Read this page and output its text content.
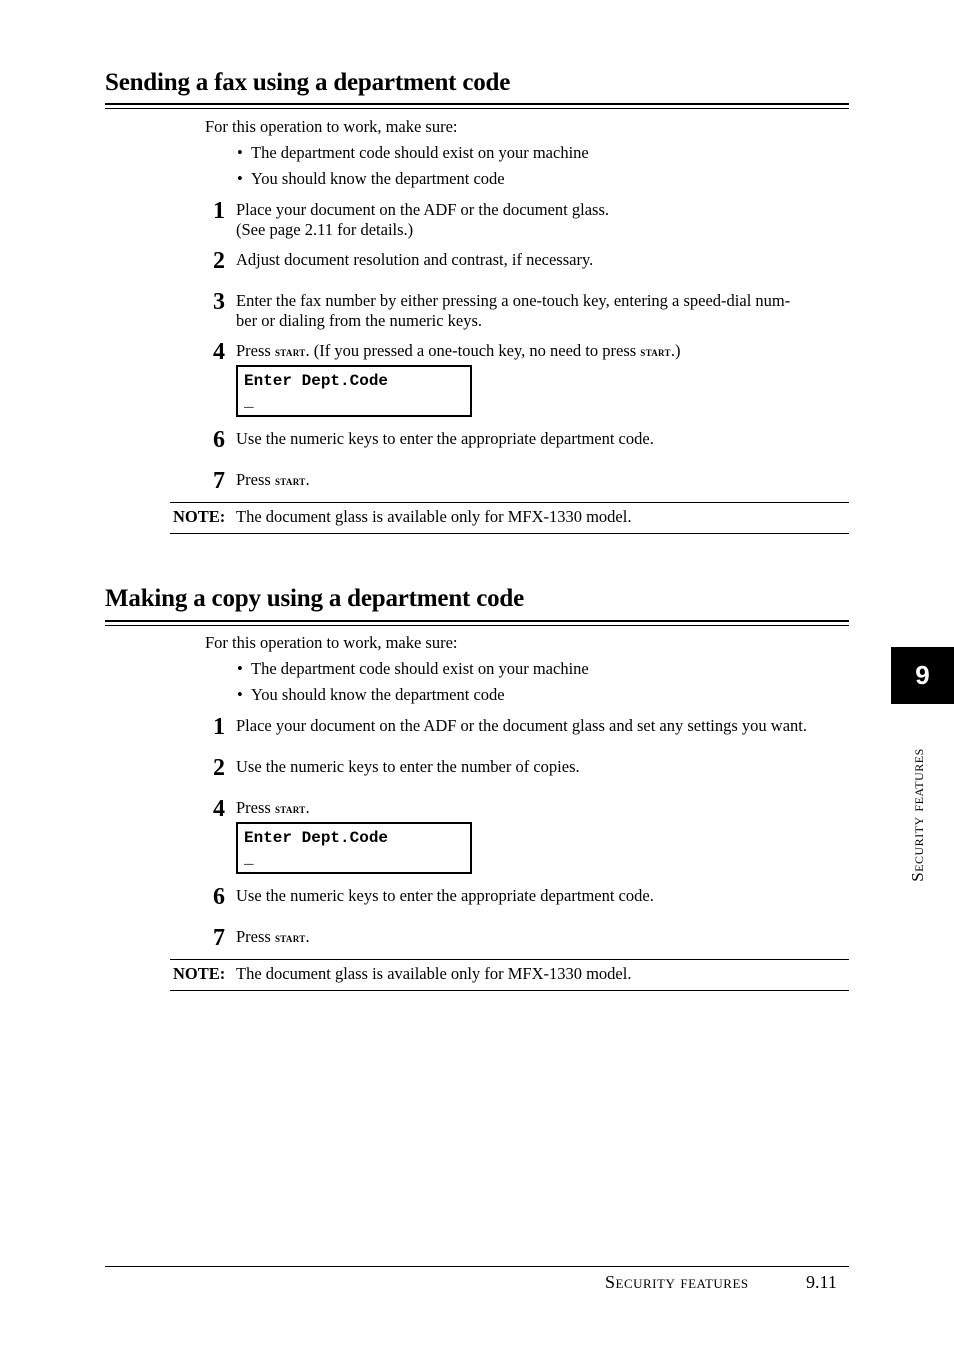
Sending a fax using a department code
For this operation to work, make sure:
•  The department code should exist on your machine
•  You should know the department code
1 Place your document on the ADF or the document glass.
(See page 2.11 for details.)
2 Adjust document resolution and contrast, if necessary.
3 Enter the fax number by either pressing a one-touch key, entering a speed-dial num-
ber or dialing from the numeric keys.
4 Press start. (If you pressed a one-touch key, no need to press start.)
Enter Dept.Code
_
6 Use the numeric keys to enter the appropriate department code.
7 Press start.
NOTE: The document glass is available only for MFX-1330 model.
Making a copy using a department code
For this operation to work, make sure:
•  The department code should exist on your machine
•  You should know the department code
1 Place your document on the ADF or the document glass and set any settings you want.
2 Use the numeric keys to enter the number of copies.
4 Press start.
Enter Dept.Code
_
6 Use the numeric keys to enter the appropriate department code.
7 Press start.
NOTE: The document glass is available only for MFX-1330 model.
9
Security features
Security features	9.11
